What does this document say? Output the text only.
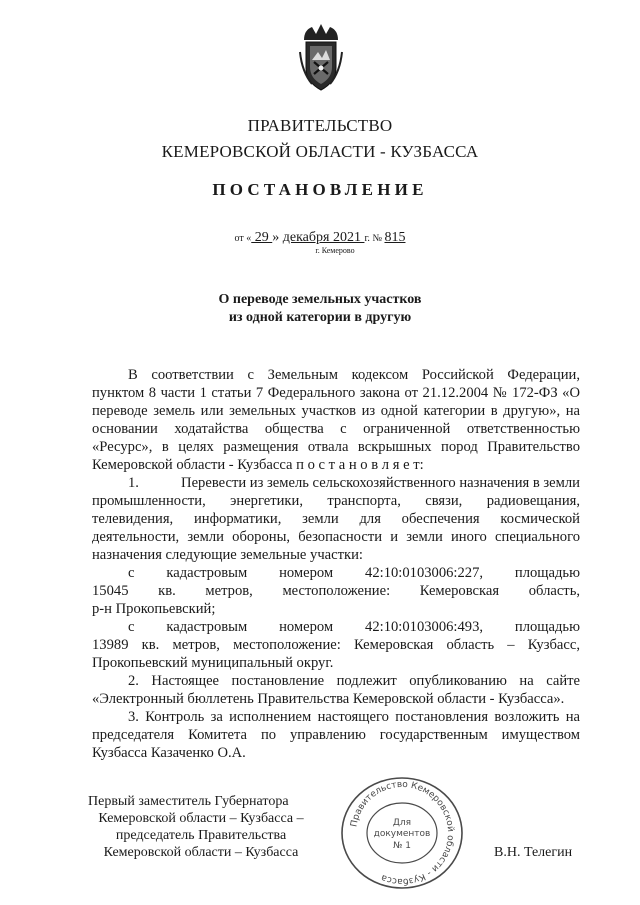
ПРАВИТЕЛЬСТВО
КЕМЕРОВСКОЙ ОБЛАСТИ - КУЗБАССА
ПОСТАНОВЛЕНИЕ
от « 29 » декабря 2021 г. № 815
г. Кемерово
О переводе земельных участков
из одной категории в другую
В соответствии с Земельным кодексом Российской Федерации,
пунктом 8 части 1 статьи 7 Федерального закона от 21.12.2004 № 172-ФЗ «О
переводе земель или земельных участков из одной категории в другую», на
основании ходатайства общества с ограниченной ответственностью
«Ресурс», в целях размещения отвала вскрышных пород Правительство
Кемеровской области - Кузбасса п о с т а н о в л я е т:
1.	Перевести из земель сельскохозяйственного назначения в земли
промышленности, энергетики, транспорта, связи, радиовещания,
телевидения, информатики, земли для обеспечения космической
деятельности, земли обороны, безопасности и земли иного специального
назначения следующие земельные участки:
с кадастровым номером 42:10:0103006:227, площадью
15045 кв. метров, местоположение: Кемеровская область,
р-н Прокопьевский;
с кадастровым номером 42:10:0103006:493, площадью
13989 кв. метров, местоположение: Кемеровская область – Кузбасс,
Прокопьевский муниципальный округ.
2. Настоящее постановление подлежит опубликованию на сайте
«Электронный бюллетень Правительства Кемеровской области - Кузбасса».
3. Контроль за исполнением настоящего постановления возложить на
председателя Комитета по управлению государственным имуществом
Кузбасса Казаченко О.А.
Первый заместитель Губернатора
Кемеровской области – Кузбасса –
председатель Правительства
Кемеровской области – Кузбасса
Правительство Кемеровской области - Кузбасса
Для
документов
№ 1	В.Н. Телегин
